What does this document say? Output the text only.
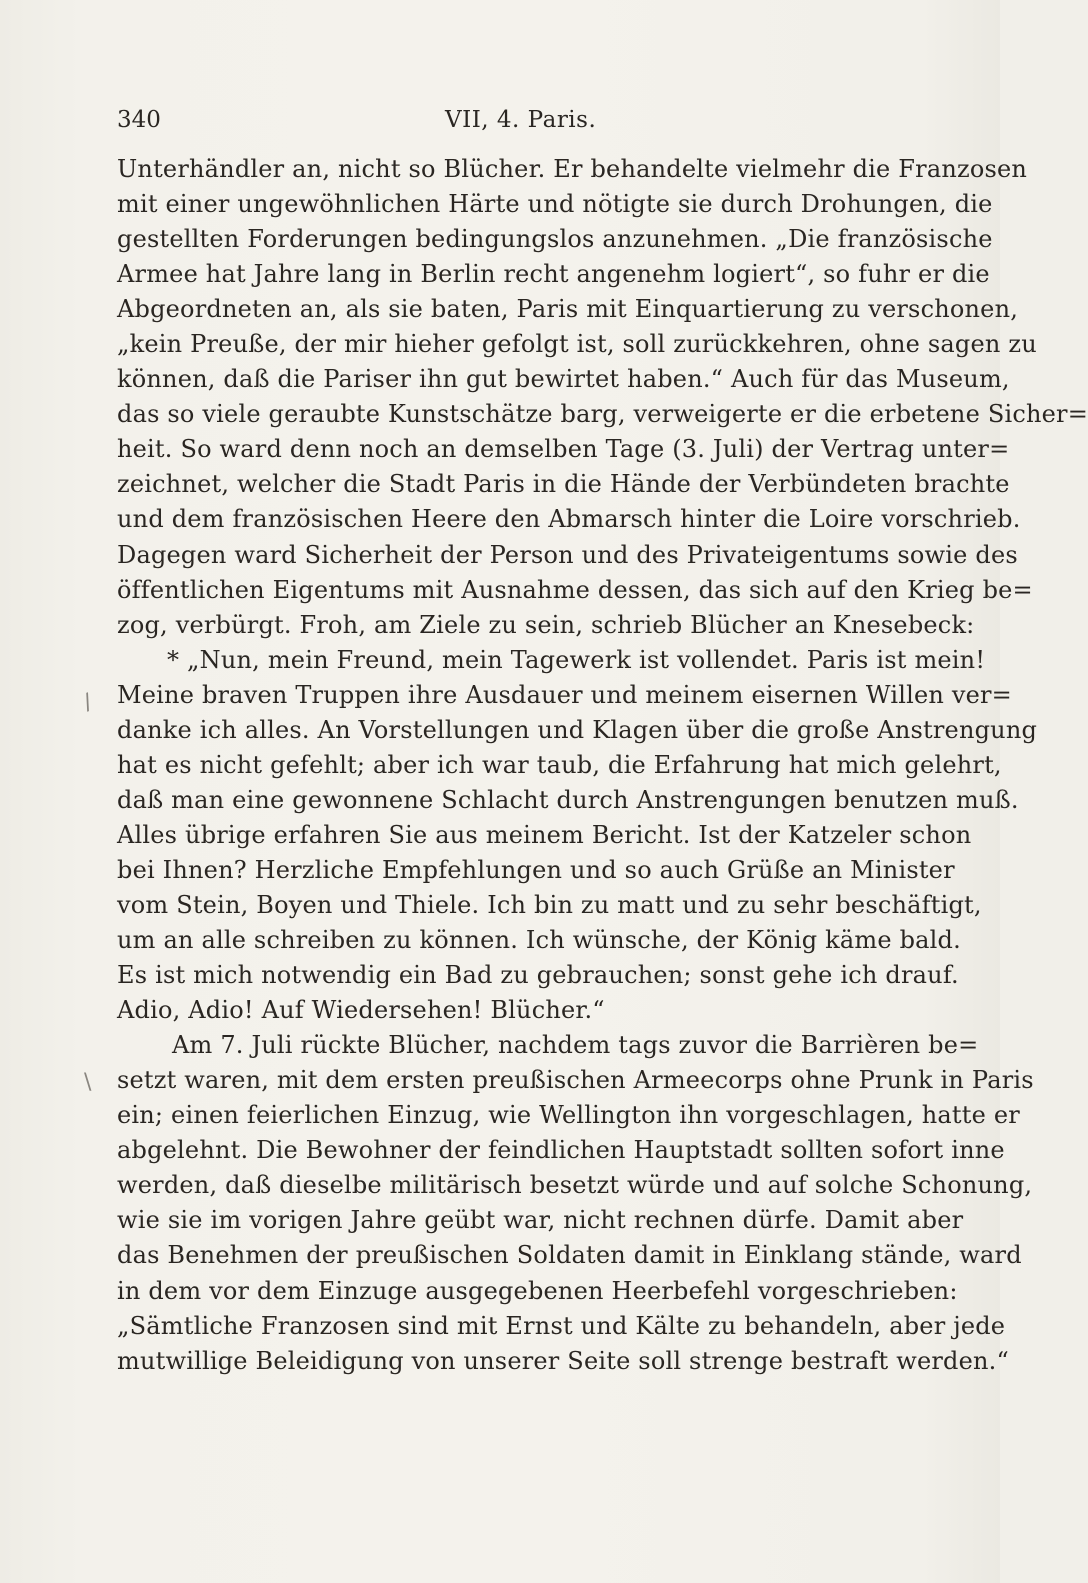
340	VII, 4. Paris.
/
\
Unterhändler an, nicht so Blücher. Er behandelte vielmehr die Franzosen
mit einer ungewöhnlichen Härte und nötigte sie durch Drohungen, die
gestellten Forderungen bedingungslos anzunehmen. „Die französische
Armee hat Jahre lang in Berlin recht angenehm logiert“, so fuhr er die
Abgeordneten an, als sie baten, Paris mit Einquartierung zu verschonen,
„kein Preuße, der mir hieher gefolgt ist, soll zurückkehren, ohne sagen zu
können, daß die Pariser ihn gut bewirtet haben.“ Auch für das Museum,
das so viele geraubte Kunstschätze barg, verweigerte er die erbetene Sicher=
heit. So ward denn noch an demselben Tage (3. Juli) der Vertrag unter=
zeichnet, welcher die Stadt Paris in die Hände der Verbündeten brachte
und dem französischen Heere den Abmarsch hinter die Loire vorschrieb.
Dagegen ward Sicherheit der Person und des Privateigentums sowie des
öffentlichen Eigentums mit Ausnahme dessen, das sich auf den Krieg be=
zog, verbürgt. Froh, am Ziele zu sein, schrieb Blücher an Knesebeck:
* „Nun, mein Freund, mein Tagewerk ist vollendet. Paris ist mein!
Meine braven Truppen ihre Ausdauer und meinem eisernen Willen ver=
danke ich alles. An Vorstellungen und Klagen über die große Anstrengung
hat es nicht gefehlt; aber ich war taub, die Erfahrung hat mich gelehrt,
daß man eine gewonnene Schlacht durch Anstrengungen benutzen muß.
Alles übrige erfahren Sie aus meinem Bericht. Ist der Katzeler schon
bei Ihnen? Herzliche Empfehlungen und so auch Grüße an Minister
vom Stein, Boyen und Thiele. Ich bin zu matt und zu sehr beschäftigt,
um an alle schreiben zu können. Ich wünsche, der König käme bald.
Es ist mich notwendig ein Bad zu gebrauchen; sonst gehe ich drauf.
Adio, Adio! Auf Wiedersehen! Blücher.“
Am 7. Juli rückte Blücher, nachdem tags zuvor die Barrièren be=
setzt waren, mit dem ersten preußischen Armeecorps ohne Prunk in Paris
ein; einen feierlichen Einzug, wie Wellington ihn vorgeschlagen, hatte er
abgelehnt. Die Bewohner der feindlichen Hauptstadt sollten sofort inne
werden, daß dieselbe militärisch besetzt würde und auf solche Schonung,
wie sie im vorigen Jahre geübt war, nicht rechnen dürfe. Damit aber
das Benehmen der preußischen Soldaten damit in Einklang stände, ward
in dem vor dem Einzuge ausgegebenen Heerbefehl vorgeschrieben:
„Sämtliche Franzosen sind mit Ernst und Kälte zu behandeln, aber jede
mutwillige Beleidigung von unserer Seite soll strenge bestraft werden.“
